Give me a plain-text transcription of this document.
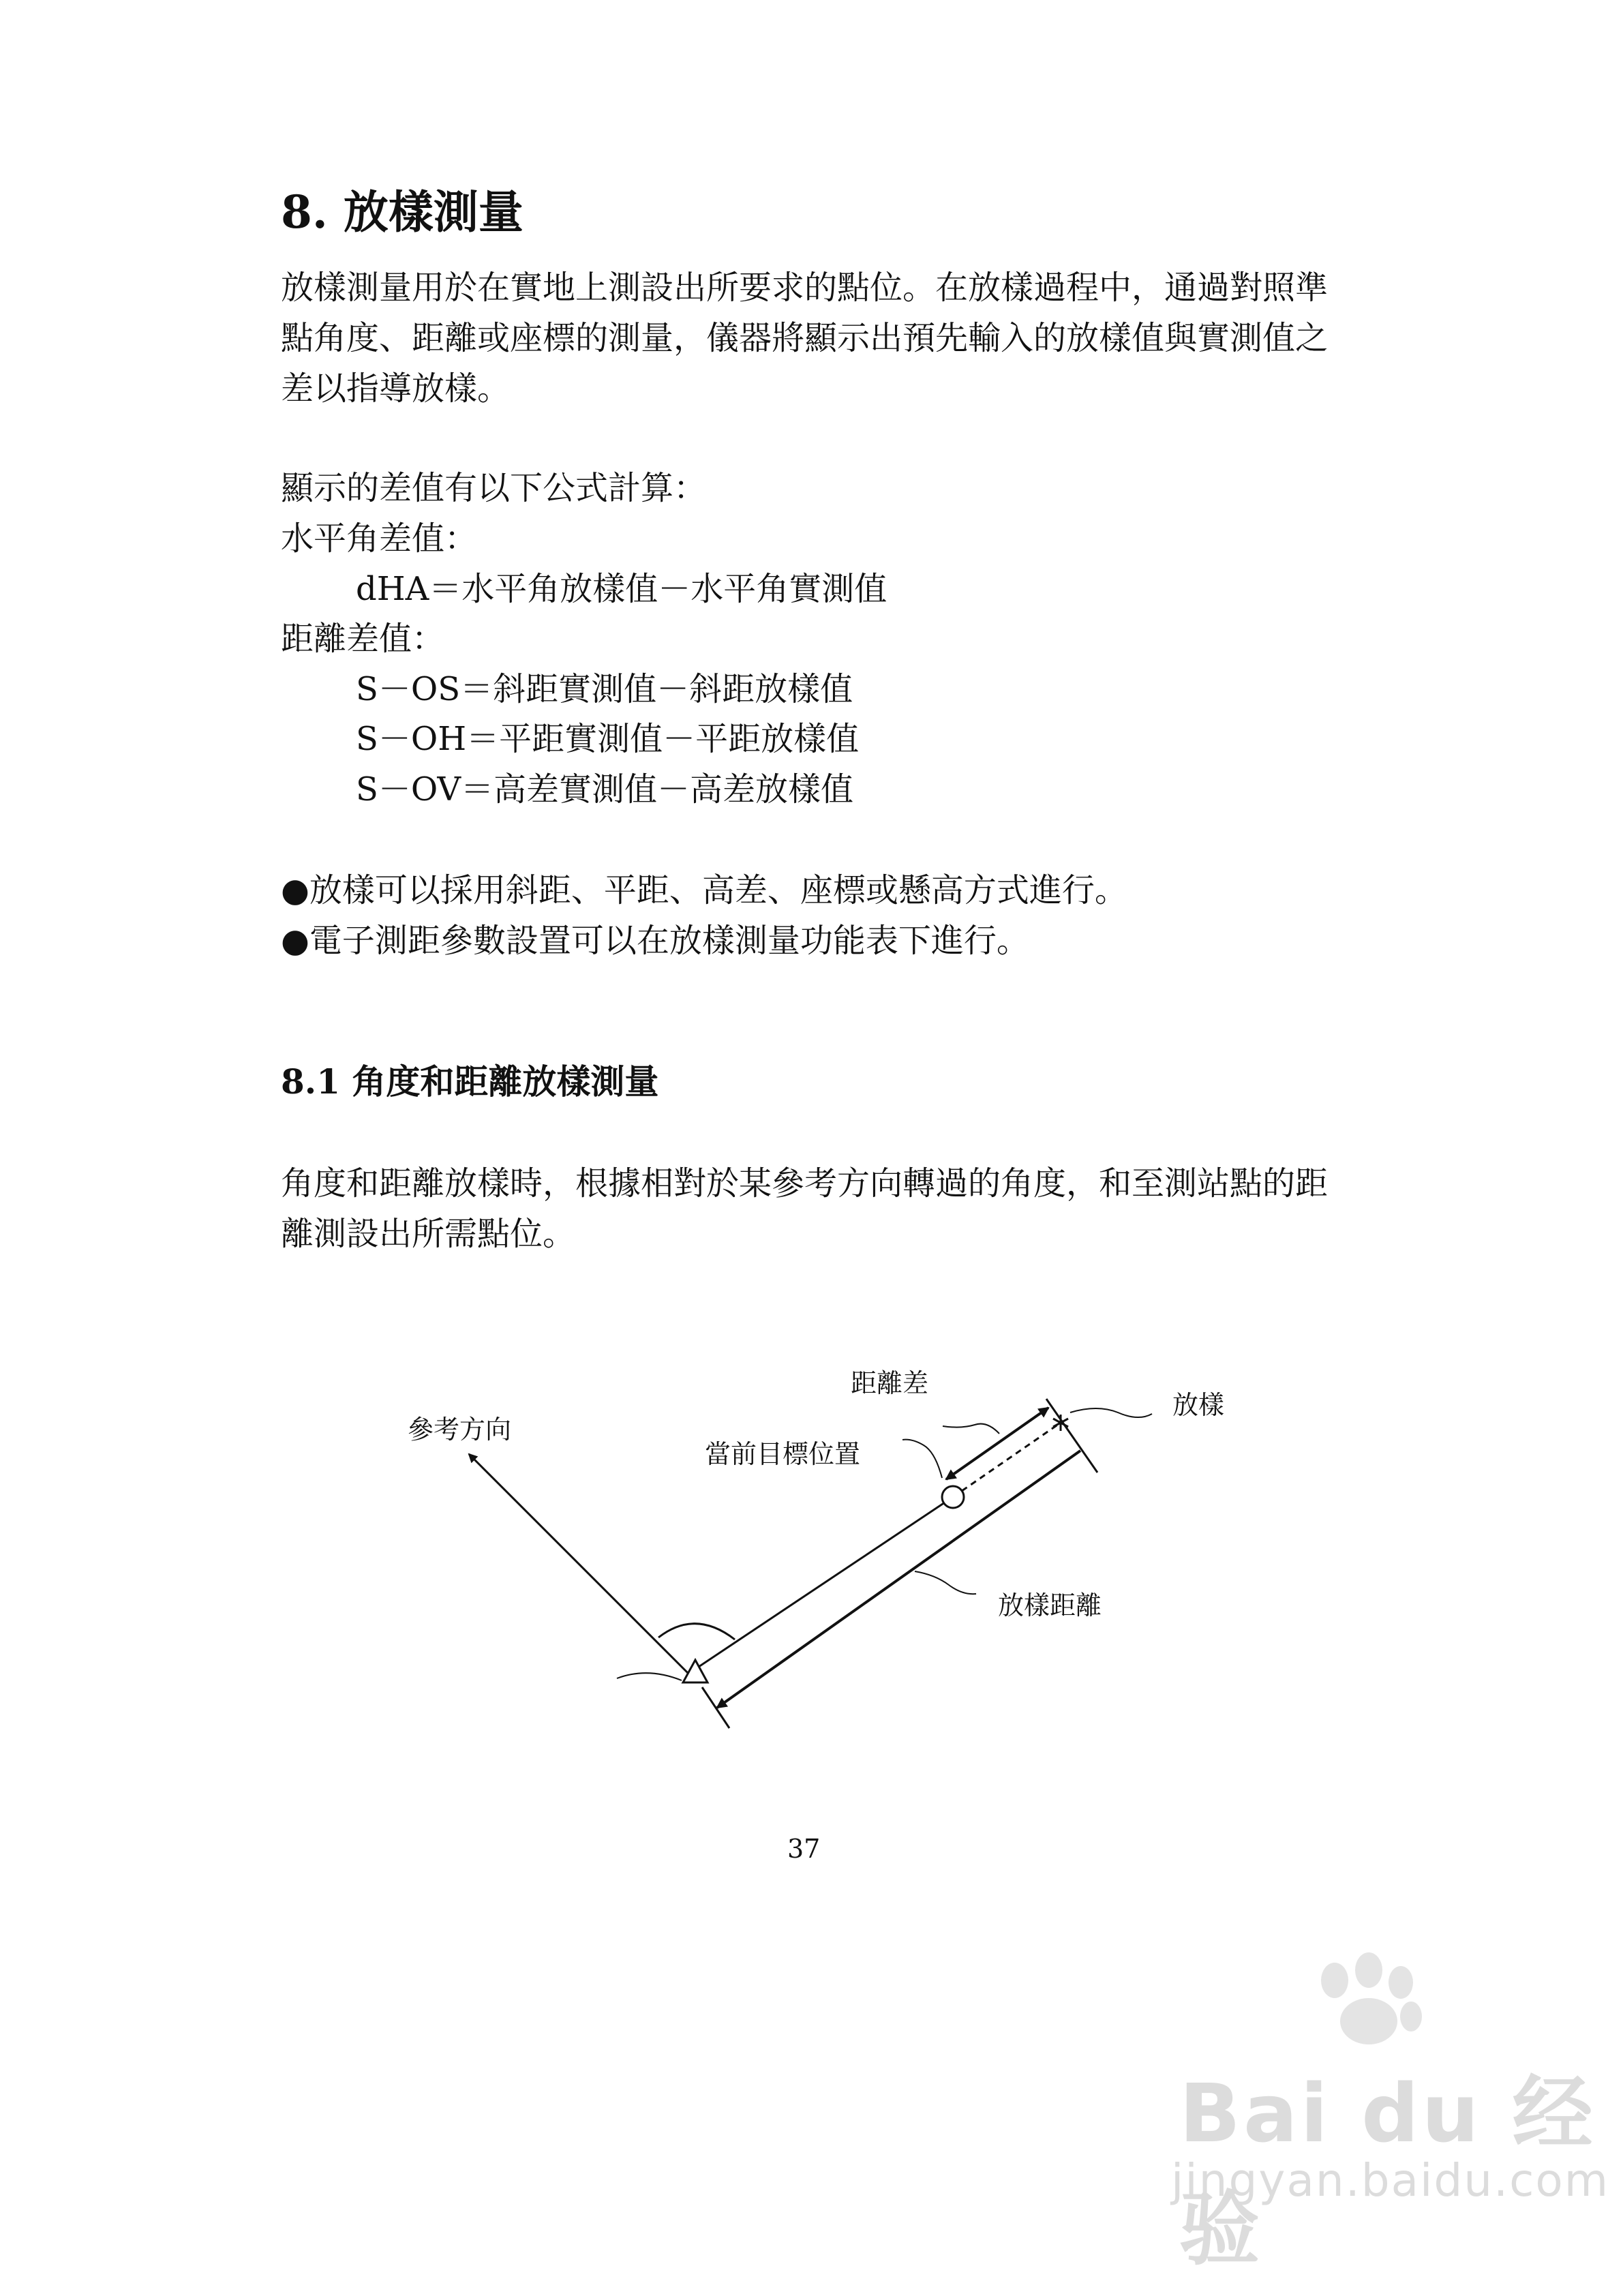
8. 放樣測量
放樣測量用於在實地上測設出所要求的點位。在放樣過程中，通過對照準
點角度、距離或座標的測量，儀器將顯示出預先輸入的放樣值與實測值之
差以指導放樣。
顯示的差值有以下公式計算：
水平角差值：
dHA＝水平角放樣值－水平角實測值
距離差值：
S－OS＝斜距實測值－斜距放樣值
S－OH＝平距實測值－平距放樣值
S－OV＝高差實測值－高差放樣值
●放樣可以採用斜距、平距、高差、座標或懸高方式進行。
●電子測距參數設置可以在放樣測量功能表下進行。
8.1 角度和距離放樣測量
角度和距離放樣時，根據相對於某參考方向轉過的角度，和至測站點的距
離測設出所需點位。
參考方向
距離差
當前目標位置
放樣
放樣距離
37
Bai du 经验
jingyan.baidu.com
